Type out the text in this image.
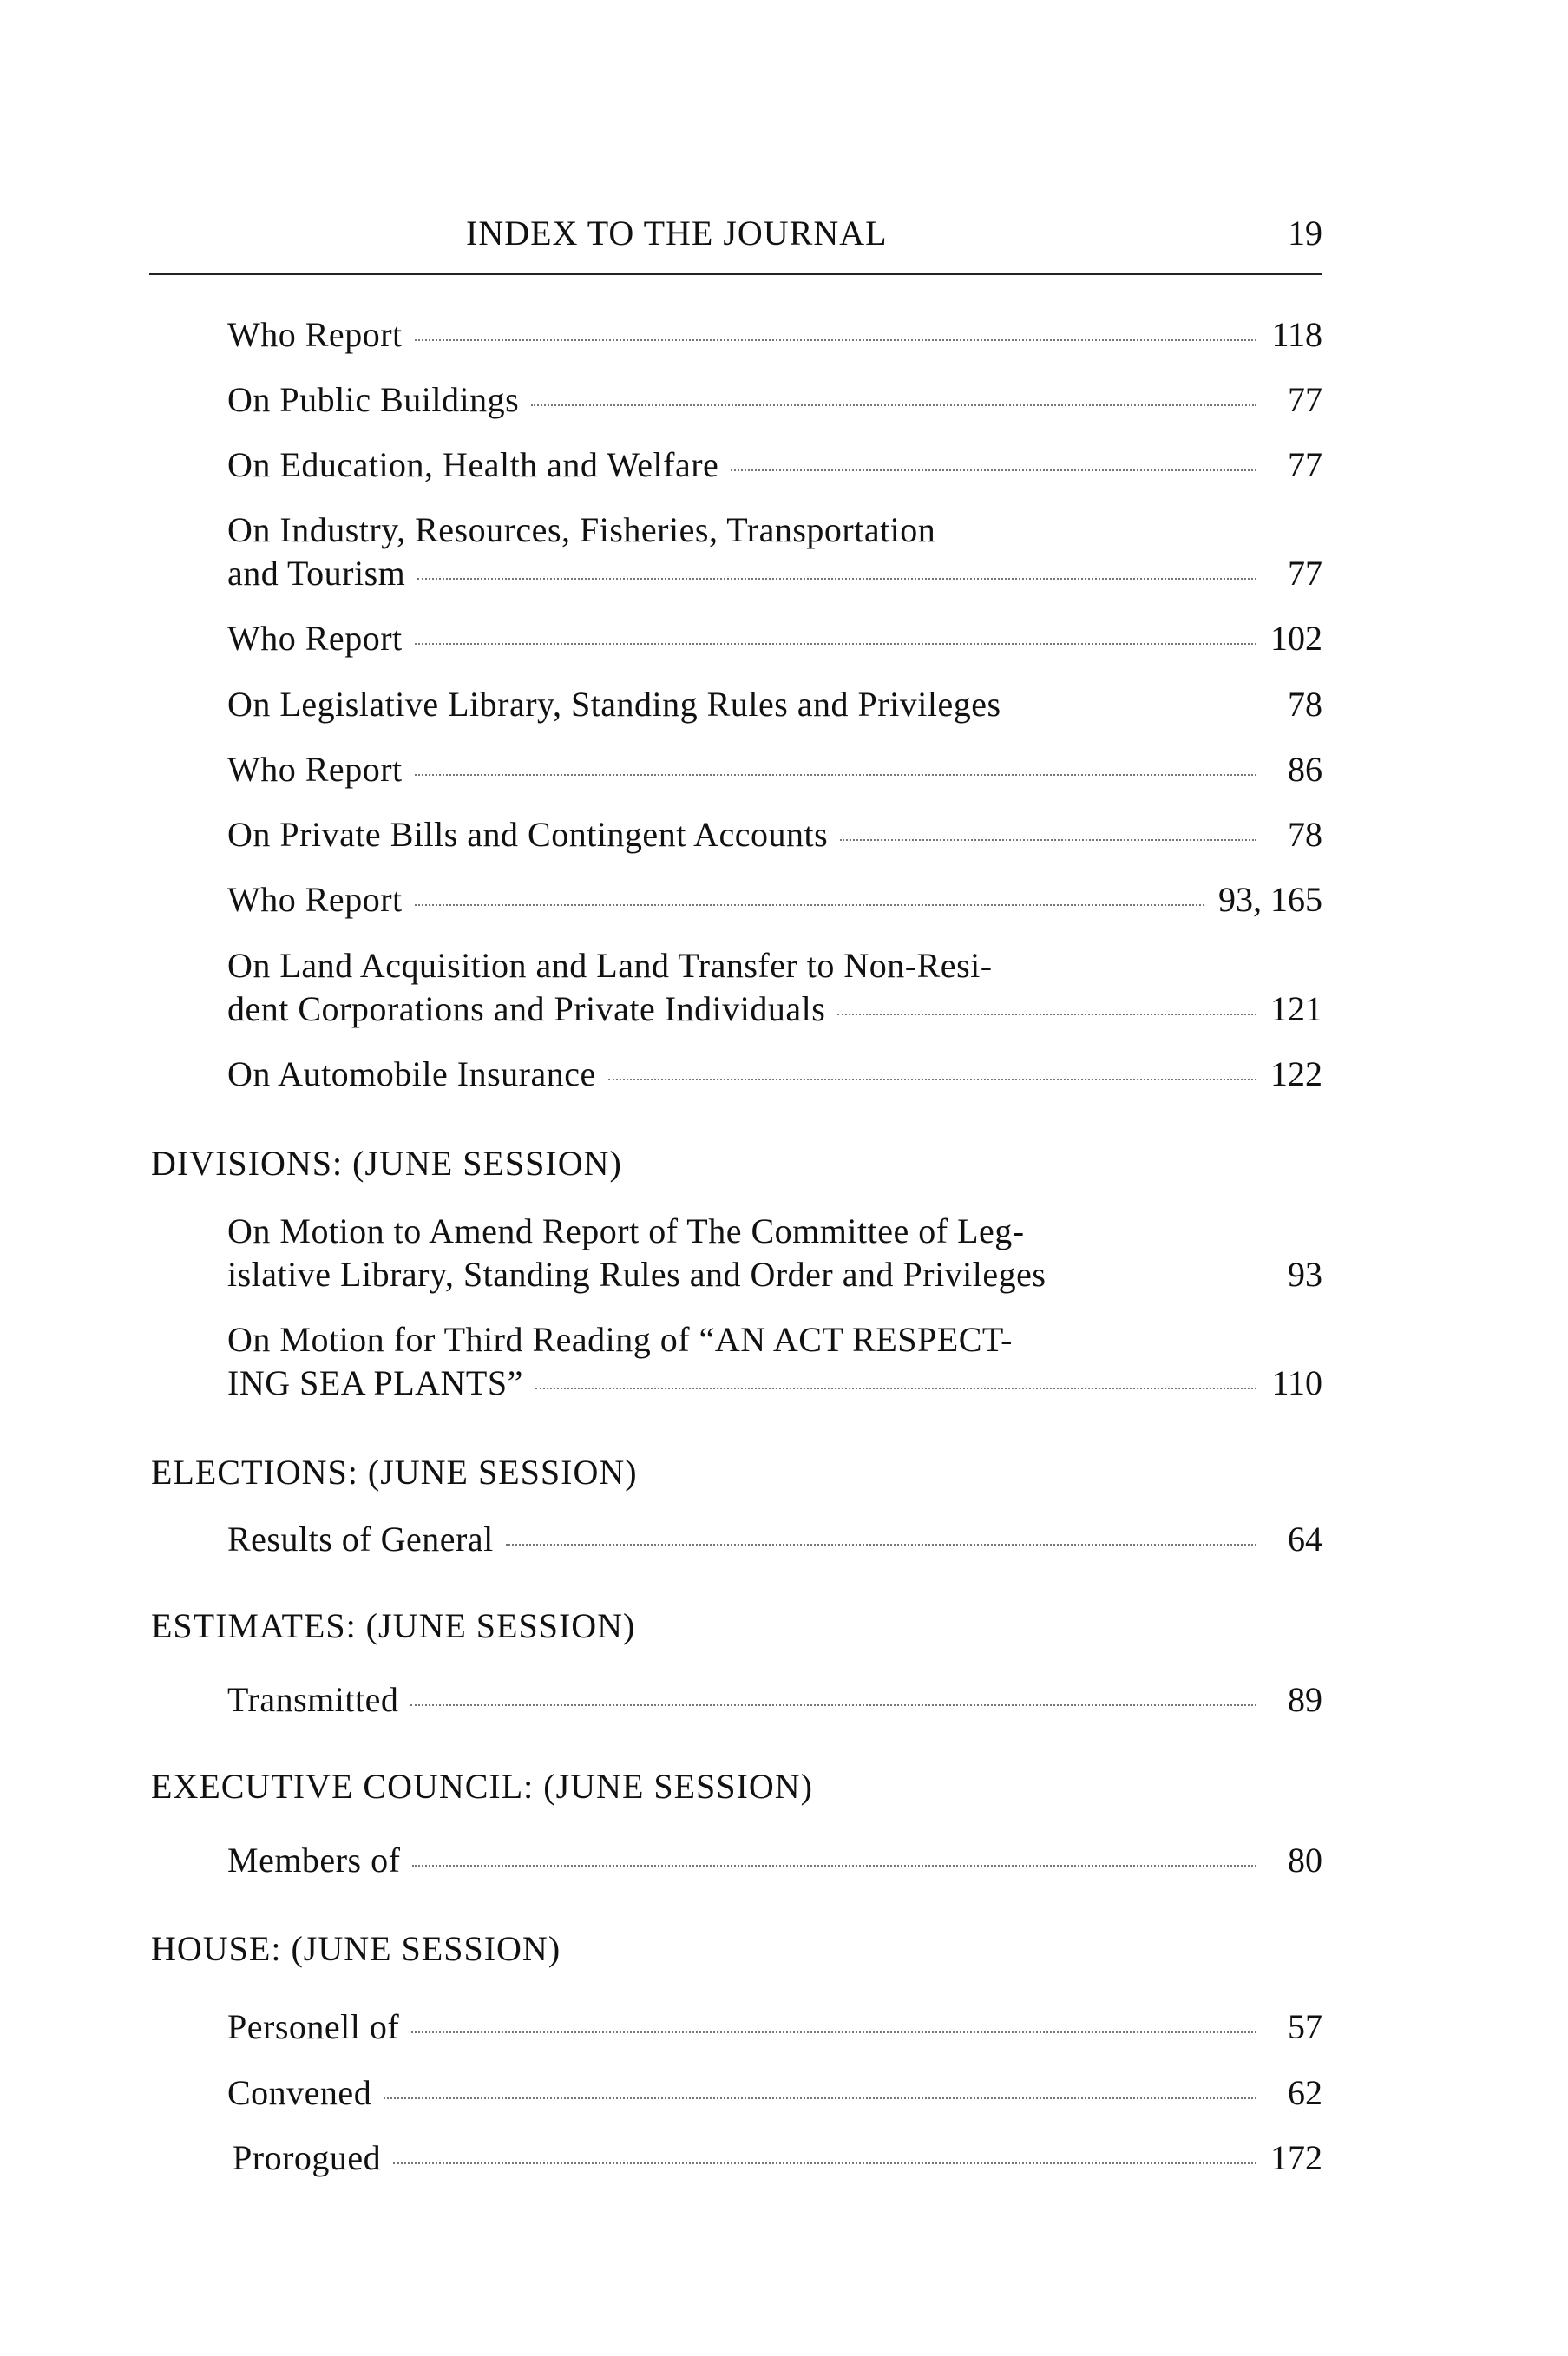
INDEX TO THE JOURNAL	19
Who Report	118
On Public Buildings	77
On Education, Health and Welfare	77
On Industry, Resources, Fisheries, Transportation
and Tourism	77
Who Report	102
On Legislative Library, Standing Rules and Privileges	78
Who Report	86
On Private Bills and Contingent Accounts	78
Who Report	93, 165
On Land Acquisition and Land Transfer to Non-Resi-
dent Corporations and Private Individuals	121
On Automobile Insurance	122
DIVISIONS: (JUNE SESSION)
On Motion to Amend Report of The Committee of Leg-
islative Library, Standing Rules and Order and Privileges	93
On Motion for Third Reading of “AN ACT RESPECT-
ING SEA PLANTS”	110
ELECTIONS: (JUNE SESSION)
Results of General	64
ESTIMATES: (JUNE SESSION)
Transmitted	89
EXECUTIVE COUNCIL: (JUNE SESSION)
Members of	80
HOUSE: (JUNE SESSION)
Personell of	57
Convened	62
Prorogued	172
